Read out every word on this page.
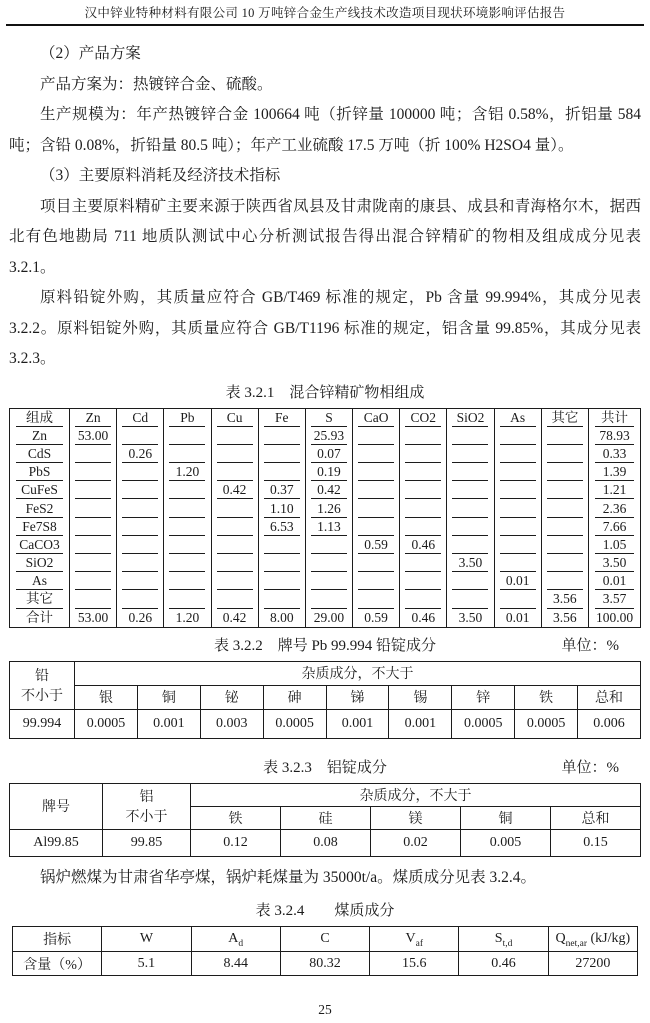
汉中锌业特种材料有限公司 10 万吨锌合金生产线技术改造项目现状环境影响评估报告

（2）产品方案

产品方案为：热镀锌合金、硫酸。

生产规模为：年产热镀锌合金 100664 吨（折锌量 100000 吨；含铝 0.58%，折铝量 584 吨；含铅 0.08%，折铅量 80.5 吨）；年产工业硫酸 17.5 万吨（折 100% H2SO4 量）。

（3）主要原料消耗及经济技术指标

项目主要原料精矿主要来源于陕西省凤县及甘肃陇南的康县、成县和青海格尔木，据西北有色地勘局 711 地质队测试中心分析测试报告得出混合锌精矿的物相及组成成分见表 3.2.1。

原料铅锭外购，其质量应符合 GB/T469 标准的规定，Pb 含量 99.994%，其成分见表 3.2.2。原料铝锭外购，其质量应符合 GB/T1196 标准的规定，铝含量 99.85%，其成分见表 3.2.3。

表 3.2.1　混合锌精矿物相组成
组成	Zn	Cd	Pb	Cu	Fe	S	CaO	CO2	SiO2	As	其它	共计
Zn	53.00					25.93						78.93
CdS		0.26				0.07						0.33
PbS			1.20			0.19						1.39
CuFeS				0.42	0.37	0.42						1.21
FeS2					1.10	1.26						2.36
Fe7S8					6.53	1.13						7.66
CaCO3							0.59	0.46				1.05
SiO2									3.50			3.50
As										0.01		0.01
其它											3.56	3.57
合计	53.00	0.26	1.20	0.42	8.00	29.00	0.59	0.46	3.50	0.01	3.56	100.00
表 3.2.2　牌号 Pb 99.994 铅锭成分	单位：%
铅
不小于	杂质成分，不大于								
	银	铜	铋	砷	锑	锡	锌	铁	总和
99.994	0.0005	0.001	0.003	0.0005	0.001	0.001	0.0005	0.0005	0.006
表 3.2.3　铝锭成分	单位：%
牌号	铝
不小于	杂质成分，不大于				
		铁	硅	镁	铜	总和
Al99.85	99.85	0.12	0.08	0.02	0.005	0.15

锅炉燃煤为甘肃省华亭煤，锅炉耗煤量为 35000t/a。煤质成分见表 3.2.4。

表 3.2.4　　煤质成分
指标	W	$A_d$	C	$V_{af}$	$S_{t,d}$	$Q_{net,ar}$ (kJ/kg)
含量（%）	5.1	8.44	80.32	15.6	0.46	27200
25
